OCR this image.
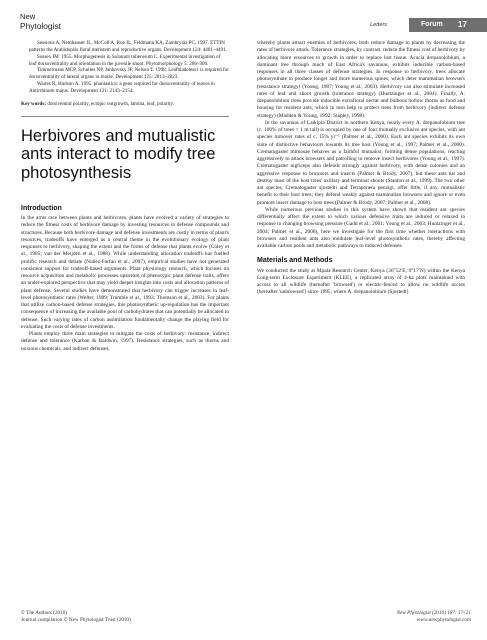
New
Phytologist	Letters	Forum 17

Sessions A, Nemhauser JL, McColl A, Roe JL, Feldmann KA, Zambryski PC. 1997. ETTIN patterns the Arabidopsis floral meristem and reproductive organs. Development 124: 4481–4491.

Sussex IM. 1955. Morphogenesis in Solanum tuberosum L. Experimental investigation of leaf dorsoventrality and orientation in the juvenile shoot. Phytomorphology 5: 286–300.

Timmermans MCP, Schultes NP, Jankovsky JP, Nelson T. 1998. Leafbladeless1 is required for dorsoventrality of lateral organs in maize. Development 125: 2813–2823.

Waites R, Hudson A. 1995. phantastica: a gene required for dorsoventrality of leaves in Antirrhinum majus. Development 121: 2143–2154.

Key words: dorsiventral polarity, ectopic outgrowth, lamina, leaf, polarity.
Herbivores and mutualistic ants interact to modify tree photosynthesis
Introduction

In the arms race between plants and herbivores, plants have evolved a variety of strategies to reduce the fitness costs of herbivore damage by investing resources in defense compounds and structures. Because both herbivore damage and defense investments are costly in terms of plant's resources, tradeoffs have emerged as a central theme in the evolutionary ecology of plant responses to herbivory, shaping the extent and the forms of defense that plants evolve (Coley et al., 1985; van der Meijden et al., 1988). While understanding allocation tradeoffs has fuelled prolific research and debate (Nuñez-Farfan et al., 2007), empirical studies have not generated consistent support for tradeoff-based arguments. Plant physiology research, which focuses on resource acquisition and metabolic processes upstream of phenotypic plant defense traits, offers an under-explored perspective that may yield deeper insights into costs and allocation patterns of plant defense. Several studies have demonstrated that herbivory can trigger increases in leaf-level photosynthetic rates (Welter, 1989; Trumble et al., 1993; Thomson et al., 2003). For plants that utilize carbon-based defense strategies, this photosynthetic up-regulation has the important consequence of increasing the available pool of carbohydrates that can potentially be allocated to defense. Such varying rates of carbon assimilation fundamentally change the playing field for evaluating the costs of defense investments.

Plants employ three main strategies to mitigate the costs of herbivory: resistance, indirect defense and tolerance (Karban & Baldwin, 1997). Resistance strategies, such as thorns and noxious chemicals, and indirect defenses,

whereby plants attract enemies of herbivores, both reduce damage to plants by decreasing the rates of herbivore attack. Tolerance strategies, by contrast, reduce the fitness cost of herbivory by allocating more resources to growth in order to replace lost tissue. Acacia drepanolobium, a dominant tree through much of East Africa's savannas, exhibits inducible carbon-based responses in all three classes of defense strategies. In response to herbivory, trees allocate photosynthate to produce longer and more numerous spines, which deter mammalian browsers (resistance strategy) (Young, 1987; Young et al., 2003). Herbivory can also stimulate increased rates of leaf and shoot growth (tolerance strategy) (Huntzinger et al., 2004). Finally, A. drepanolobium trees provide inducible extrafloral nectar and bulbous hollow thorns as food and housing for resident ants, which in turn help to protect trees from herbivory (indirect defense strategy) (Madden & Young, 1992; Stapley, 1998).

In the savannas of Laikipia District in northern Kenya, nearly every A. drepanolobium tree (c. 100% of trees > 1 m tall) is occupied by one of four mutually exclusive ant species, with ant species turnover rates of c. 15% yr⁻¹ (Palmer et al., 2000). Each ant species exhibits its own suite of distinctive behaviours towards its tree host (Young et al., 1997; Palmer et al., 2000). Crematogaster mimosae behaves as a faithful mutualist, forming dense populations, reacting aggressively to attack browsers and patrolling to remove insect herbivores (Young et al., 1997). Crematogaster nigriceps also defends strongly against herbivory, with dense colonies and an aggressive response to browsers and insects (Palmer & Brody, 2007), but these ants eat and destroy most of the host trees' axillary and terminal shoots (Stanton et al., 1999). The two other ant species, Crematogaster sjostedti and Tetraponera penzigi, offer little, if any, mutualistic benefit to their host trees; they defend weakly against mammalian browsers and ignore or even promote insect damage to host trees (Palmer & Brody, 2007; Palmer et al., 2008).

While numerous previous studies in this system have shown that resident ant species differentially affect the extent to which various defensive traits are induced or relaxed in response to changing browsing pressure (Gadd et al., 2001; Young et al., 2003; Huntzinger et al., 2004; Palmer et al., 2008), here we investigate for the first time whether interactions with browsers and resident ants also modulate leaf-level photosynthetic rates, thereby affecting available carbon pools and metabolic pathways to induced defenses.

Materials and Methods

We conducted the study at Mpala Research Center, Kenya (36°52′E, 0°17′N) within the Kenya Long-term Exclosure Experiment (KLEE), a replicated array of 4-ha plots maintained with access to all wildlife (hereafter 'browsed') or electric-fenced to allow no wildlife access (hereafter 'unbrowsed') since 1995, where A. drepanolobium (Sjostedt)

© The Authors (2010)
Journal compilation © New Phytologist Trust (2010)
New Phytologist (2010) 187: 17–21
www.newphytologist.com
